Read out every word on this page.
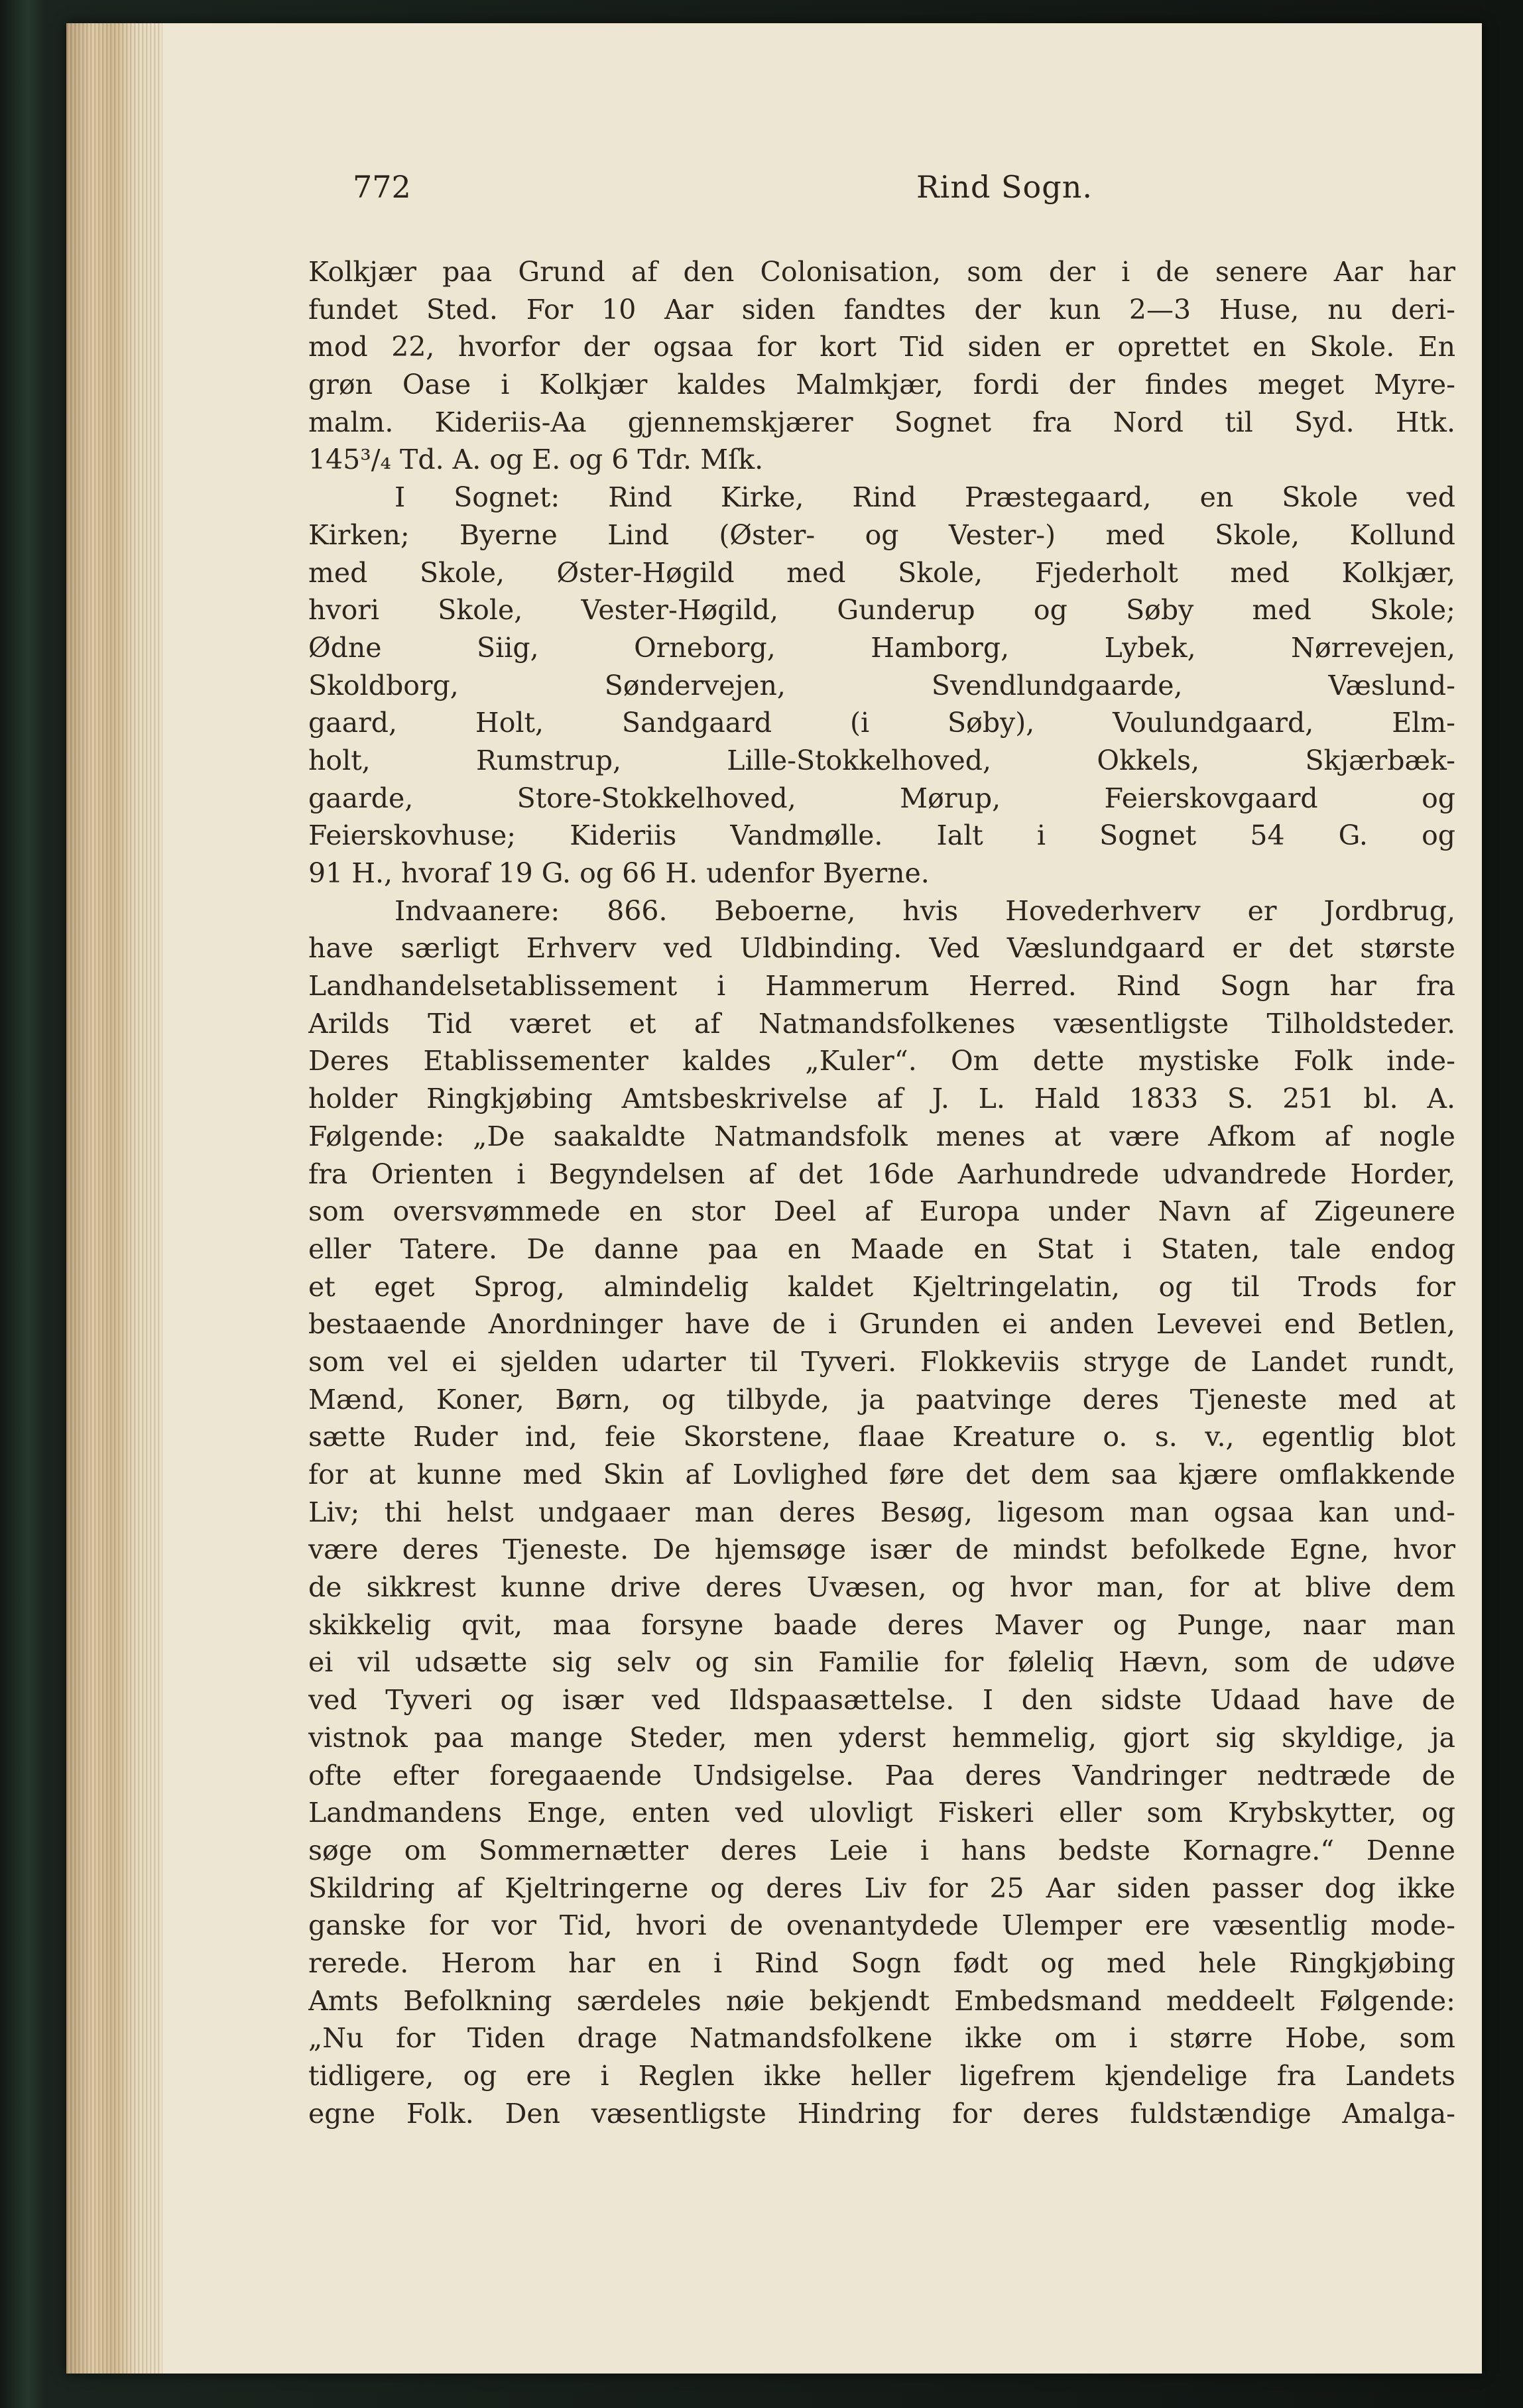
772	Rind Sogn.
Kolkjær paa Grund af den Colonisation, som der i de senere Aar har
fundet Sted. For 10 Aar siden fandtes der kun 2—3 Huse, nu deri-
mod 22, hvorfor der ogsaa for kort Tid siden er oprettet en Skole. En
grøn Oase i Kolkjær kaldes Malmkjær, fordi der findes meget Myre-
malm. Kideriis-Aa gjennemskjærer Sognet fra Nord til Syd. Htk.
145³/₄ Td. A. og E. og 6 Tdr. Mſk.
I Sognet: Rind Kirke, Rind Præstegaard, en Skole ved
Kirken; Byerne Lind (Øster- og Vester-) med Skole, Kollund
med Skole, Øster-Høgild med Skole, Fjederholt med Kolkjær,
hvori Skole, Vester-Høgild, Gunderup og Søby med Skole;
Ødne Siig, Orneborg, Hamborg, Lybek, Nørrevejen,
Skoldborg, Søndervejen, Svendlundgaarde, Væslund-
gaard, Holt, Sandgaard (i Søby), Voulundgaard, Elm-
holt, Rumstrup, Lille-Stokkelhoved, Okkels, Skjærbæk-
gaarde, Store-Stokkelhoved, Mørup, Feierskovgaard og
Feierskovhuse; Kideriis Vandmølle. Ialt i Sognet 54 G. og
91 H., hvoraf 19 G. og 66 H. udenfor Byerne.
Indvaanere: 866. Beboerne, hvis Hovederhverv er Jordbrug,
have særligt Erhverv ved Uldbinding. Ved Væslundgaard er det største
Landhandelsetablissement i Hammerum Herred. Rind Sogn har fra
Arilds Tid været et af Natmandsfolkenes væsentligste Tilholdsteder.
Deres Etablissementer kaldes „Kuler“. Om dette mystiske Folk inde-
holder Ringkjøbing Amtsbeskrivelse af J. L. Hald 1833 S. 251 bl. A.
Følgende: „De saakaldte Natmandsfolk menes at være Afkom af nogle
fra Orienten i Begyndelsen af det 16de Aarhundrede udvandrede Horder,
som oversvømmede en stor Deel af Europa under Navn af Zigeunere
eller Tatere. De danne paa en Maade en Stat i Staten, tale endog
et eget Sprog, almindelig kaldet Kjeltringelatin, og til Trods for
bestaaende Anordninger have de i Grunden ei anden Levevei end Betlen,
som vel ei sjelden udarter til Tyveri. Flokkeviis stryge de Landet rundt,
Mænd, Koner, Børn, og tilbyde, ja paatvinge deres Tjeneste med at
sætte Ruder ind, feie Skorstene, flaae Kreature o. s. v., egentlig blot
for at kunne med Skin af Lovlighed føre det dem saa kjære omflakkende
Liv; thi helst undgaaer man deres Besøg, ligesom man ogsaa kan und-
være deres Tjeneste. De hjemsøge især de mindst befolkede Egne, hvor
de sikkrest kunne drive deres Uvæsen, og hvor man, for at blive dem
skikkelig qvit, maa forsyne baade deres Maver og Punge, naar man
ei vil udsætte sig selv og sin Familie for føleliq Hævn, som de udøve
ved Tyveri og især ved Ildspaasættelse. I den sidste Udaad have de
vistnok paa mange Steder, men yderst hemmelig, gjort sig skyldige, ja
ofte efter foregaaende Undsigelse. Paa deres Vandringer nedtræde de
Landmandens Enge, enten ved ulovligt Fiskeri eller som Krybskytter, og
søge om Sommernætter deres Leie i hans bedste Kornagre.“ Denne
Skildring af Kjeltringerne og deres Liv for 25 Aar siden passer dog ikke
ganske for vor Tid, hvori de ovenantydede Ulemper ere væsentlig mode-
rerede. Herom har en i Rind Sogn født og med hele Ringkjøbing
Amts Befolkning særdeles nøie bekjendt Embedsmand meddeelt Følgende:
„Nu for Tiden drage Natmandsfolkene ikke om i større Hobe, som
tidligere, og ere i Reglen ikke heller ligefrem kjendelige fra Landets
egne Folk. Den væsentligste Hindring for deres fuldstændige Amalga-
